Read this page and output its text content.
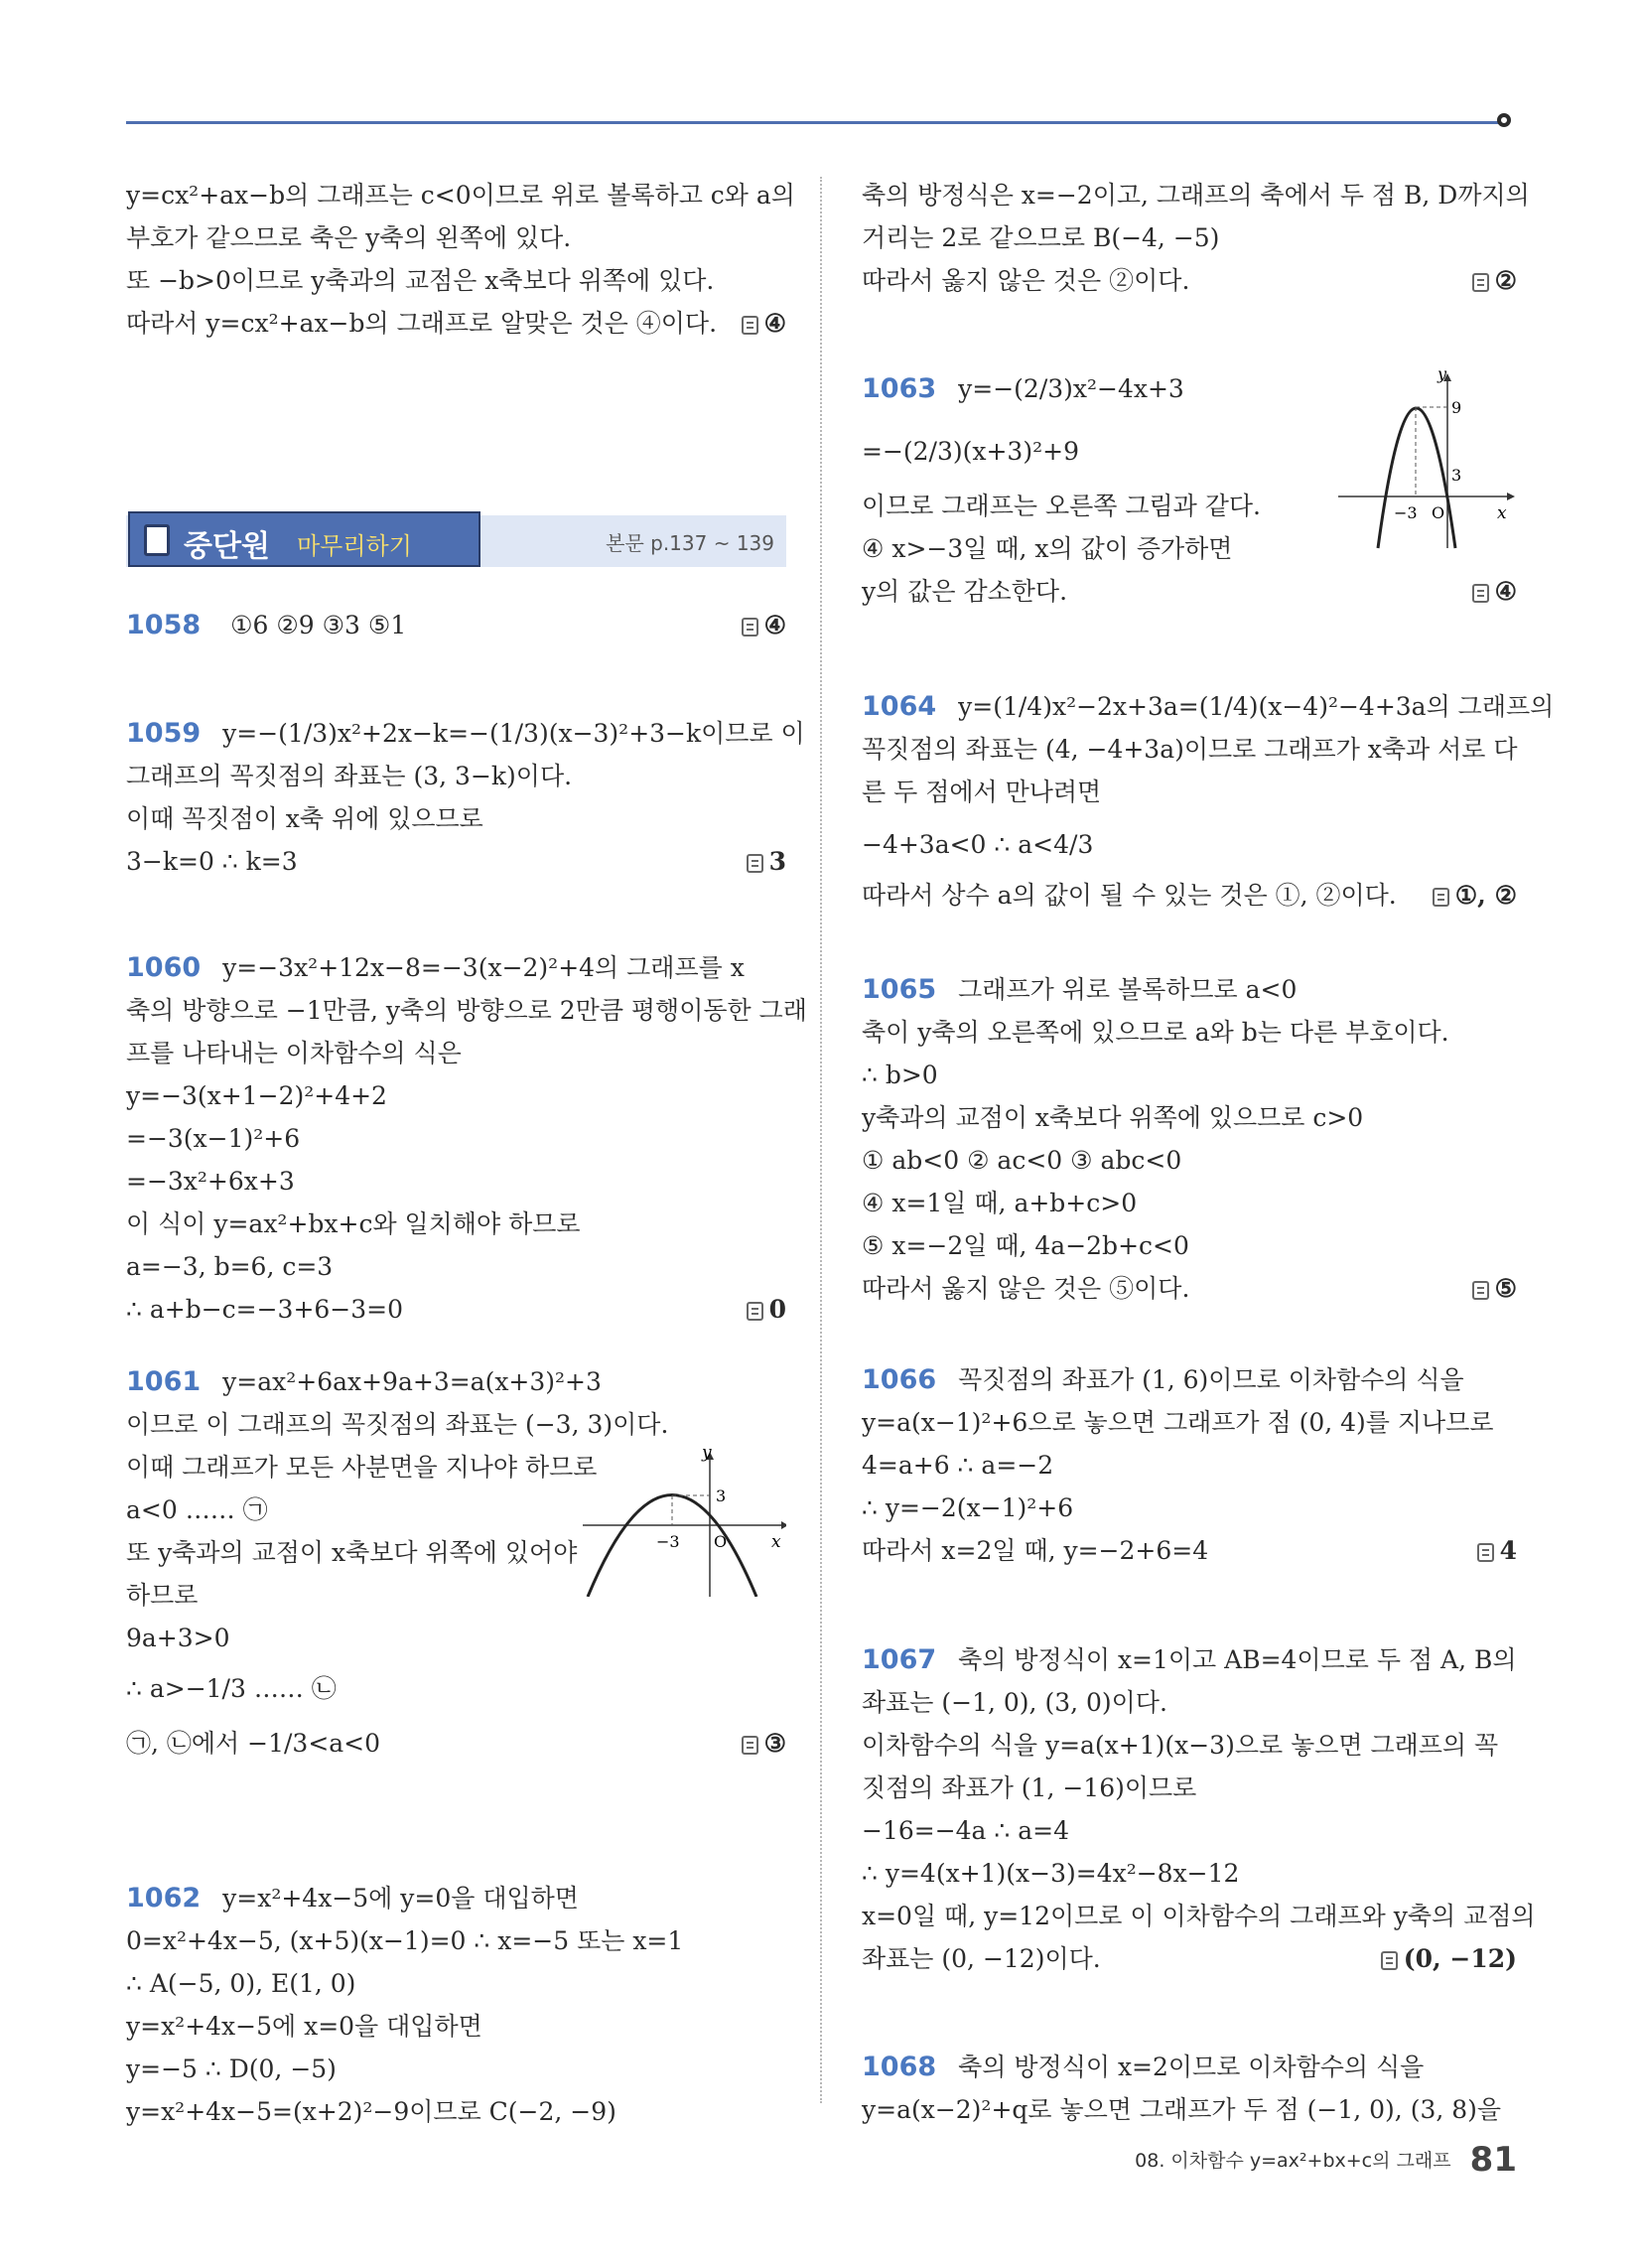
y=cx²+ax−b의 그래프는 c<0이므로 위로 볼록하고 c와 a의
부호가 같으므로 축은 y축의 왼쪽에 있다.
또 −b>0이므로 y축과의 교점은 x축보다 위쪽에 있다.
따라서 y=cx²+ax−b의 그래프로 알맞은 것은 ④이다.	④
중단원 마무리하기	본문 p.137 ~ 139
1058 ①6 ②9 ③3 ⑤1	④
1059 y=−(1/3)x²+2x−k=−(1/3)(x−3)²+3−k이므로 이
그래프의 꼭짓점의 좌표는 (3, 3−k)이다.
이때 꼭짓점이 x축 위에 있으므로
3−k=0 ∴ k=3	3
1060 y=−3x²+12x−8=−3(x−2)²+4의 그래프를 x
축의 방향으로 −1만큼, y축의 방향으로 2만큼 평행이동한 그래
프를 나타내는 이차함수의 식은
y=−3(x+1−2)²+4+2
=−3(x−1)²+6
=−3x²+6x+3
이 식이 y=ax²+bx+c와 일치해야 하므로
a=−3, b=6, c=3
∴ a+b−c=−3+6−3=0	0
1061 y=ax²+6ax+9a+3=a(x+3)²+3
이므로 이 그래프의 꼭짓점의 좌표는 (−3, 3)이다.
이때 그래프가 모든 사분면을 지나야 하므로
a<0 …… ㉠
또 y축과의 교점이 x축보다 위쪽에 있어야
하므로
9a+3>0
∴ a>−1/3 …… ㉡
㉠, ㉡에서 −1/3<a<0	③
y
x
O
−3
3
1062 y=x²+4x−5에 y=0을 대입하면
0=x²+4x−5, (x+5)(x−1)=0 ∴ x=−5 또는 x=1
∴ A(−5, 0), E(1, 0)
y=x²+4x−5에 x=0을 대입하면
y=−5 ∴ D(0, −5)
y=x²+4x−5=(x+2)²−9이므로 C(−2, −9)
축의 방정식은 x=−2이고, 그래프의 축에서 두 점 B, D까지의
거리는 2로 같으므로 B(−4, −5)
따라서 옳지 않은 것은 ②이다.	②
1063 y=−(2/3)x²−4x+3
=−(2/3)(x+3)²+9
이므로 그래프는 오른쪽 그림과 같다.
④ x>−3일 때, x의 값이 증가하면
y의 값은 감소한다.	④
y
x
O
−3
9
3
1064 y=(1/4)x²−2x+3a=(1/4)(x−4)²−4+3a의 그래프의
꼭짓점의 좌표는 (4, −4+3a)이므로 그래프가 x축과 서로 다
른 두 점에서 만나려면
−4+3a<0 ∴ a<4/3
따라서 상수 a의 값이 될 수 있는 것은 ①, ②이다.	①, ②
1065 그래프가 위로 볼록하므로 a<0
축이 y축의 오른쪽에 있으므로 a와 b는 다른 부호이다.
∴ b>0
y축과의 교점이 x축보다 위쪽에 있으므로 c>0
① ab<0 ② ac<0 ③ abc<0
④ x=1일 때, a+b+c>0
⑤ x=−2일 때, 4a−2b+c<0
따라서 옳지 않은 것은 ⑤이다.	⑤
1066 꼭짓점의 좌표가 (1, 6)이므로 이차함수의 식을
y=a(x−1)²+6으로 놓으면 그래프가 점 (0, 4)를 지나므로
4=a+6 ∴ a=−2
∴ y=−2(x−1)²+6
따라서 x=2일 때, y=−2+6=4	4
1067 축의 방정식이 x=1이고 AB=4이므로 두 점 A, B의
좌표는 (−1, 0), (3, 0)이다.
이차함수의 식을 y=a(x+1)(x−3)으로 놓으면 그래프의 꼭
짓점의 좌표가 (1, −16)이므로
−16=−4a ∴ a=4
∴ y=4(x+1)(x−3)=4x²−8x−12
x=0일 때, y=12이므로 이 이차함수의 그래프와 y축의 교점의
좌표는 (0, −12)이다.	(0, −12)
1068 축의 방정식이 x=2이므로 이차함수의 식을
y=a(x−2)²+q로 놓으면 그래프가 두 점 (−1, 0), (3, 8)을
08. 이차함수 y=ax²+bx+c의 그래프 81
